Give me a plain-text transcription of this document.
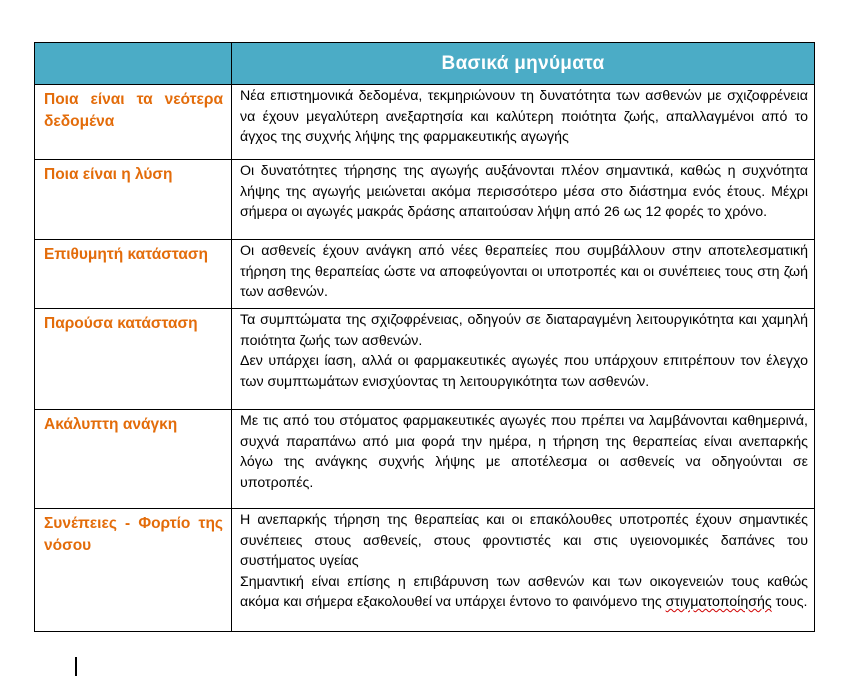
	Βασικά μηνύματα
Ποια είναι τα νεότερα δεδομένα	Νέα επιστημονικά δεδομένα, τεκμηριώνουν τη δυνατότητα των ασθενών με σχιζοφρένεια να έχουν μεγαλύτερη ανεξαρτησία και καλύτερη ποιότητα ζωής, απαλλαγμένοι από το άγχος της συχνής λήψης της φαρμακευτικής αγωγής

Ποια είναι η λύση	Οι δυνατότητες τήρησης της αγωγής αυξάνονται πλέον σημαντικά, καθώς η συχνότητα λήψης της αγωγής μειώνεται ακόμα περισσότερο μέσα στο διάστημα ενός έτους. Μέχρι σήμερα οι αγωγές μακράς δράσης απαιτούσαν λήψη από 26 ως 12 φορές το χρόνο.

Επιθυμητή κατάσταση	Οι ασθενείς έχουν ανάγκη από νέες θεραπείες που συμβάλλουν στην αποτελεσματική τήρηση της θεραπείας ώστε να αποφεύγονται οι υποτροπές και οι συνέπειες τους στη ζωή των ασθενών.

Παρούσα κατάσταση	Τα συμπτώματα της σχιζοφρένειας, οδηγούν σε διαταραγμένη λειτουργικότητα και χαμηλή ποιότητα ζωής των ασθενών.

Δεν υπάρχει ίαση, αλλά οι φαρμακευτικές αγωγές που υπάρχουν επιτρέπουν τον έλεγχο των συμπτωμάτων ενισχύοντας τη λειτουργικότητα των ασθενών.

Ακάλυπτη ανάγκη	Με τις από του στόματος φαρμακευτικές αγωγές που πρέπει να λαμβάνονται καθημερινά, συχνά παραπάνω από μια φορά την ημέρα, η τήρηση της θεραπείας είναι ανεπαρκής λόγω της ανάγκης συχνής λήψης με αποτέλεσμα οι ασθενείς να οδηγούνται σε υποτροπές.

Συνέπειες - Φορτίο της νόσου	Η ανεπαρκής τήρηση της θεραπείας και οι επακόλουθες υποτροπές έχουν σημαντικές συνέπειες στους ασθενείς, στους φροντιστές και στις υγειονομικές δαπάνες του συστήματος υγείας

Σημαντική είναι επίσης η επιβάρυνση των ασθενών και των οικογενειών τους καθώς ακόμα και σήμερα εξακολουθεί να υπάρχει έντονο το φαινόμενο της στιγματοποίησής τους.
